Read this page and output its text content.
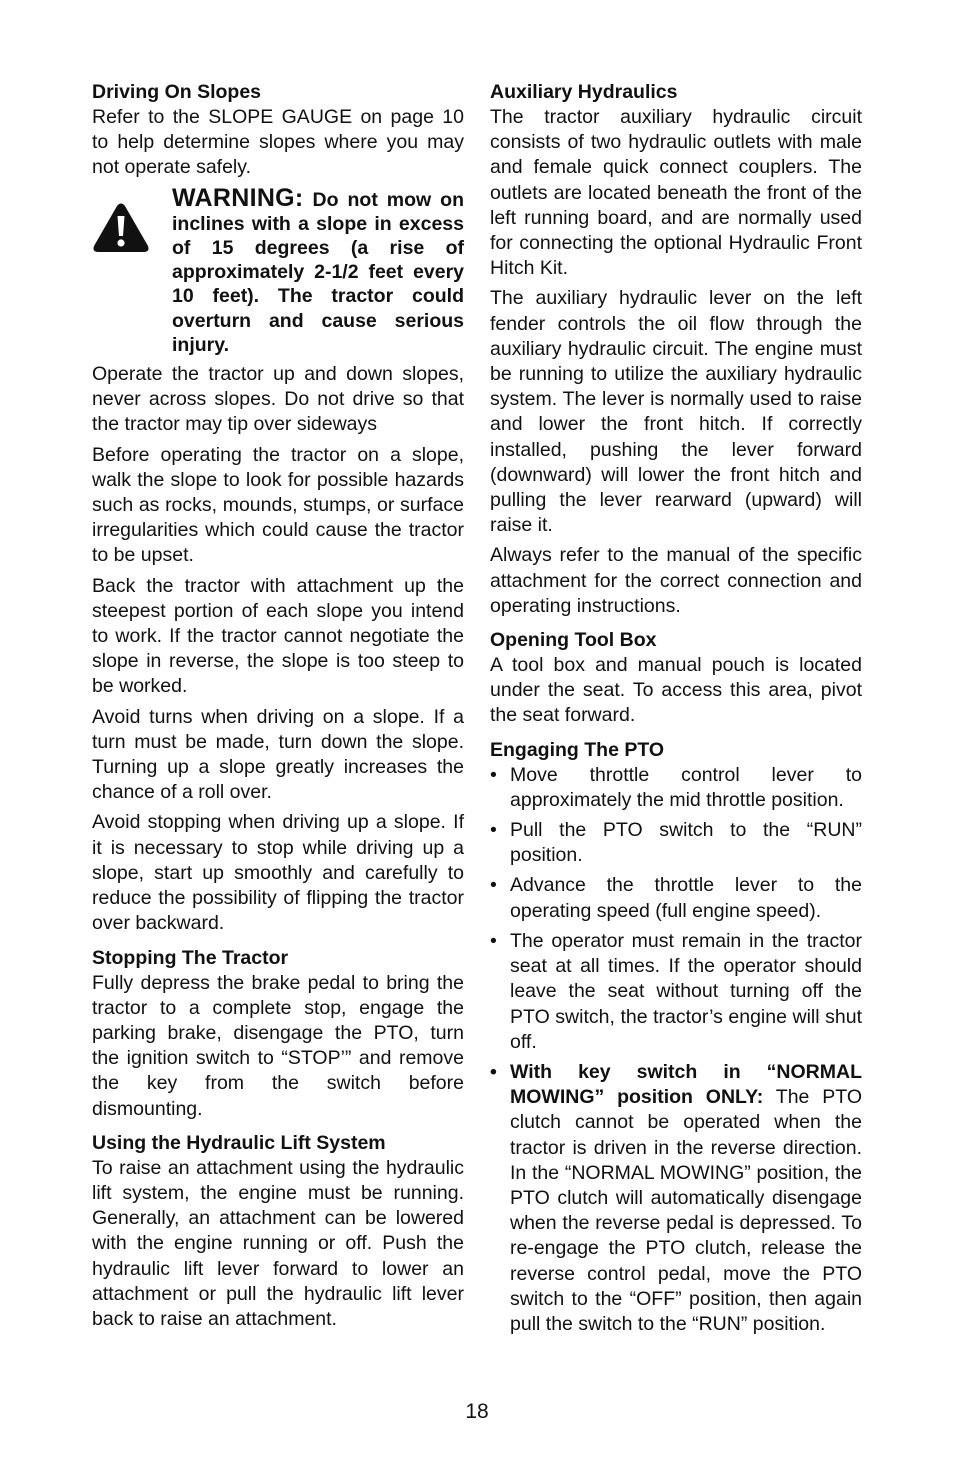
Driving On Slopes

Refer to the SLOPE GAUGE on page 10 to help determine slopes where you may not operate safely.

WARNING: Do not mow on inclines with a slope in excess of 15 degrees (a rise of approximately 2-1/2 feet every 10 feet). The tractor could overturn and cause serious injury.

Operate the tractor up and down slopes, never across slopes. Do not drive so that the tractor may tip over sideways

Before operating the tractor on a slope, walk the slope to look for possible hazards such as rocks, mounds, stumps, or surface irregularities which could cause the tractor to be upset.

Back the tractor with attachment up the steepest portion of each slope you intend to work. If the tractor cannot negotiate the slope in reverse, the slope is too steep to be worked.

Avoid turns when driving on a slope. If a turn must be made, turn down the slope. Turning up a slope greatly increases the chance of a roll over.

Avoid stopping when driving up a slope. If it is necessary to stop while driving up a slope, start up smoothly and carefully to reduce the possibility of flipping the tractor over backward.

Stopping The Tractor

Fully depress the brake pedal to bring the tractor to a complete stop, engage the parking brake, disengage the PTO, turn the ignition switch to “STOP’” and remove the key from the switch before dismounting.

Using the Hydraulic Lift System

To raise an attachment using the hydraulic lift system, the engine must be running. Generally, an attachment can be lowered with the engine running or off. Push the hydraulic lift lever forward to lower an attachment or pull the hydraulic lift lever back to raise an attachment.

Auxiliary Hydraulics

The tractor auxiliary hydraulic circuit consists of two hydraulic outlets with male and female quick connect couplers. The outlets are located beneath the front of the left running board, and are normally used for connecting the optional Hydraulic Front Hitch Kit.

The auxiliary hydraulic lever on the left fender controls the oil flow through the auxiliary hydraulic circuit. The engine must be running to utilize the auxiliary hydraulic system. The lever is normally used to raise and lower the front hitch. If correctly installed, pushing the lever forward (downward) will lower the front hitch and pulling the lever rearward (upward) will raise it.

Always refer to the manual of the specific attachment for the correct connection and operating instructions.

Opening Tool Box

A tool box and manual pouch is located under the seat. To access this area, pivot the seat forward.

Engaging The PTO
• Move throttle control lever to approximately the mid throttle position.
• Pull the PTO switch to the “RUN” position.
• Advance the throttle lever to the operating speed (full engine speed).
• The operator must remain in the tractor seat at all times. If the operator should leave the seat without turning off the PTO switch, the tractor’s engine will shut off.
• With key switch in “NORMAL MOWING” position ONLY: The PTO clutch cannot be operated when the tractor is driven in the reverse direction. In the “NORMAL MOWING” position, the PTO clutch will automatically disengage when the reverse pedal is depressed. To re-engage the PTO clutch, release the reverse control pedal, move the PTO switch to the “OFF” position, then again pull the switch to the “RUN” position.
18
